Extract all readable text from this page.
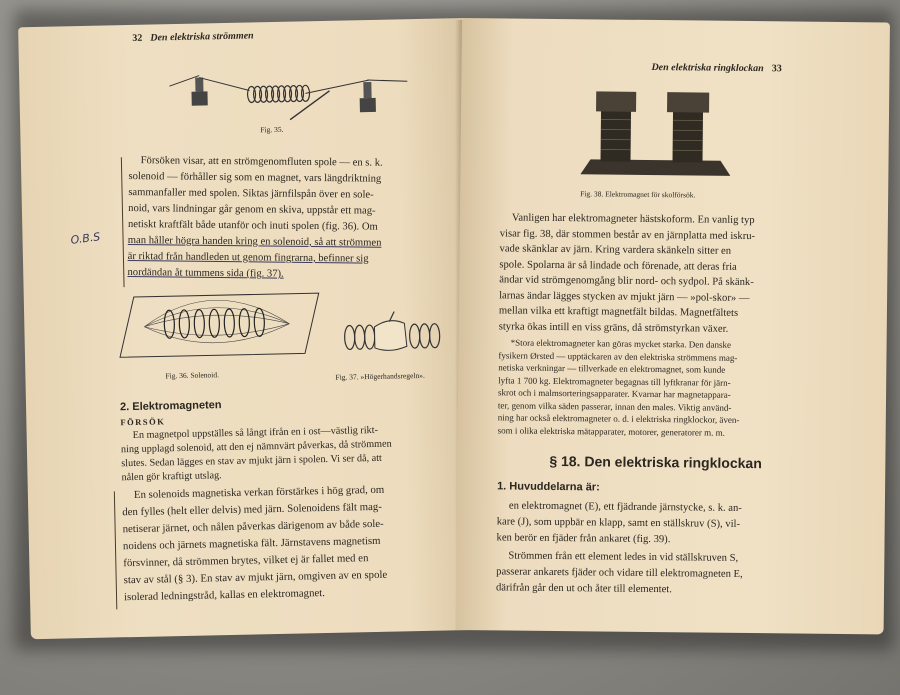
32 Den elektriska strömmen
Fig. 35.

Försöken visar, att en strömgenomfluten spole — en s. k.

solenoid — förhåller sig som en magnet, vars längdriktning
sammanfaller med spolen. Siktas järnfilspån över en sole-
noid, vars lindningar går genom en skiva, uppstår ett mag-
netiskt kraftfält både utanför och inuti spolen (fig. 36). Om
man håller högra handen kring en solenoid, så att strömmen
är riktad från handleden ut genom fingrarna, befinner sig
nordändan åt tummens sida (fig. 37).
O.B.S
Fig. 36. Solenoid.	Fig. 37. »Högerhandsregeln».
2. Elektromagneten
FÖRSÖK

En magnetpol uppställes så långt ifrån en i ost—västlig rikt-

ning upplagd solenoid, att den ej nämnvärt påverkas, då strömmen
slutes. Sedan lägges en stav av mjukt järn i spolen. Vi ser då, att
nålen gör kraftigt utslag.

En solenoids magnetiska verkan förstärkes i hög grad, om

den fylles (helt eller delvis) med järn. Solenoidens fält mag-
netiserar järnet, och nålen påverkas därigenom av både sole-
noidens och järnets magnetiska fält. Järnstavens magnetism
försvinner, då strömmen brytes, vilket ej är fallet med en
stav av stål (§ 3). En stav av mjukt järn, omgiven av en spole
isolerad ledningstråd, kallas en elektromagnet.
Den elektriska ringklockan 33
Fig. 38. Elektromagnet för skolförsök.

Vanligen har elektromagneter hästskoform. En vanlig typ

visar fig. 38, där stommen består av en järnplatta med iskru-
vade skänklar av järn. Kring vardera skänkeln sitter en
spole. Spolarna är så lindade och förenade, att deras fria
ändar vid strömgenomgång blir nord- och sydpol. På skänk-
larnas ändar lägges stycken av mjukt järn — »pol-skor» —
mellan vilka ett kraftigt magnetfält bildas. Magnetfältets
styrka ökas intill en viss gräns, då strömstyrkan växer.

*Stora elektromagneter kan göras mycket starka. Den danske

fysikern Ørsted — upptäckaren av den elektriska strömmens mag-
netiska verkningar — tillverkade en elektromagnet, som kunde
lyfta 1 700 kg. Elektromagneter begagnas till lyftkranar för järn-
skrot och i malmsorteringsapparater. Kvarnar har magnetappara-
ter, genom vilka säden passerar, innan den males. Viktig använd-
ning har också elektromagneter o. d. i elektriska ringklockor, även-
som i olika elektriska mätapparater, motorer, generatorer m. m.
§ 18. Den elektriska ringklockan
1. Huvuddelarna är:

en elektromagnet (E), ett fjädrande järnstycke, s. k. an-

kare (J), som uppbär en klapp, samt en ställskruv (S), vil-
ken berör en fjäder från ankaret (fig. 39).

Strömmen från ett element ledes in vid ställskruven S,

passerar ankarets fjäder och vidare till elektromagneten E,
därifrån går den ut och åter till elementet.
